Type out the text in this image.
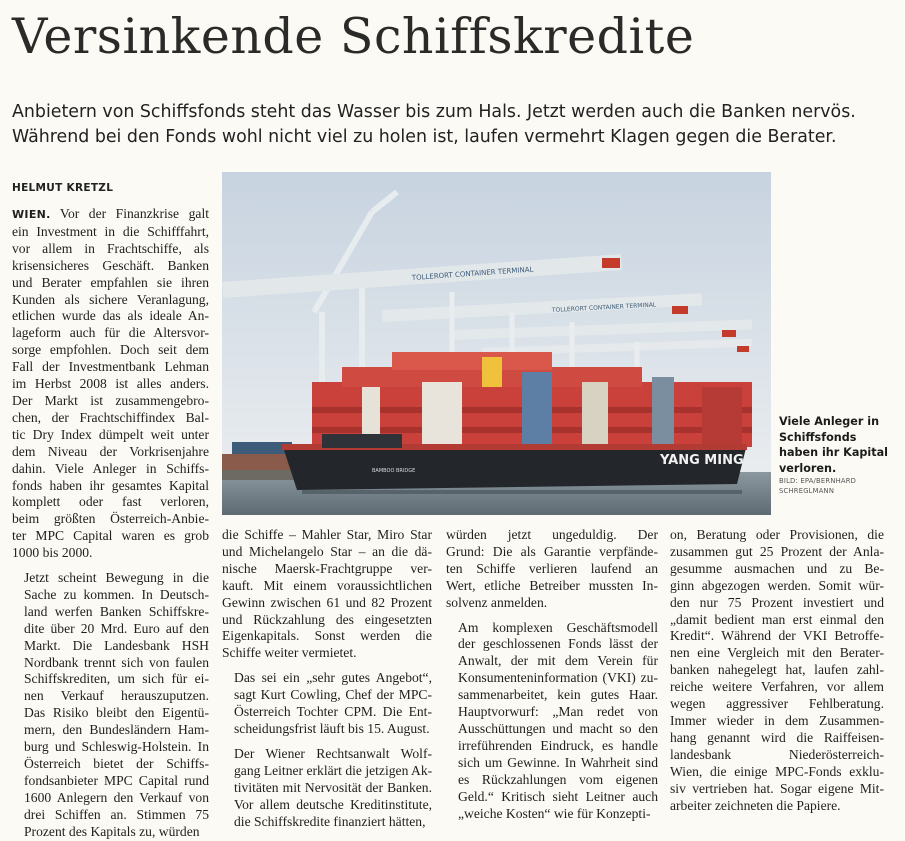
Versinkende Schiffskredite
Anbietern von Schiffsfonds steht das Wasser bis zum Hals. Jetzt werden auch die Banken nervös.
Während bei den Fonds wohl nicht viel zu holen ist, laufen vermehrt Klagen gegen die Berater.
HELMUT KRETZL

WIEN. Vor der Finanzkrise galt
ein Investment in die Schifffahrt,
vor allem in Frachtschiffe, als
krisensicheres Geschäft. Banken
und Berater empfahlen sie ihren
Kunden als sichere Veranlagung,
etlichen wurde das als ideale An-
lageform auch für die Altersvor-
sorge empfohlen. Doch seit dem
Fall der Investmentbank Lehman
im Herbst 2008 ist alles anders.
Der Markt ist zusammengebro-
chen, der Frachtschiffindex Bal-
tic Dry Index dümpelt weit unter
dem Niveau der Vorkrisenjahre
dahin. Viele Anleger in Schiffs-
fonds haben ihr gesamtes Kapital
komplett oder fast verloren,
beim größten Österreich-Anbie-
ter MPC Capital waren es grob
1000 bis 2000.

Jetzt scheint Bewegung in die
Sache zu kommen. In Deutsch-
land werfen Banken Schiffskre-
dite über 20 Mrd. Euro auf den
Markt. Die Landesbank HSH
Nordbank trennt sich von faulen
Schiffskrediten, um sich für ei-
nen Verkauf herauszuputzen.
Das Risiko bleibt den Eigentü-
mern, den Bundesländern Ham-
burg und Schleswig-Holstein. In
Österreich bietet der Schiffs-
fondsanbieter MPC Capital rund
1600 Anlegern den Verkauf von
drei Schiffen an. Stimmen 75
Prozent des Kapitals zu, würden

TOLLERORT CONTAINER TERMINAL
TOLLERORT CONTAINER TERMINAL
YANG MING
BAMBOO BRIDGE
Viele Anleger in Schiffsfonds haben ihr Kapital verloren.
BILD: EPA/BERNHARD SCHREGLMANN

die Schiffe – Mahler Star, Miro Star
und Michelangelo Star – an die dä-
nische Maersk-Frachtgruppe ver-
kauft. Mit einem voraussichtlichen
Gewinn zwischen 61 und 82 Prozent
und Rückzahlung des eingesetzten
Eigenkapitals. Sonst werden die
Schiffe weiter vermietet.

Das sei ein „sehr gutes Angebot“,
sagt Kurt Cowling, Chef der MPC-
Österreich Tochter CPM. Die Ent-
scheidungsfrist läuft bis 15. August.

Der Wiener Rechtsanwalt Wolf-
gang Leitner erklärt die jetzigen Ak-
tivitäten mit Nervosität der Banken.
Vor allem deutsche Kreditinstitute,
die Schiffskredite finanziert hätten,

würden jetzt ungeduldig. Der
Grund: Die als Garantie verpfände-
ten Schiffe verlieren laufend an
Wert, etliche Betreiber mussten In-
solvenz anmelden.

Am komplexen Geschäftsmodell
der geschlossenen Fonds lässt der
Anwalt, der mit dem Verein für
Konsumenteninformation (VKI) zu-
sammenarbeitet, kein gutes Haar.
Hauptvorwurf: „Man redet von
Ausschüttungen und macht so den
irreführenden Eindruck, es handle
sich um Gewinne. In Wahrheit sind
es Rückzahlungen vom eigenen
Geld.“ Kritisch sieht Leitner auch
„weiche Kosten“ wie für Konzepti-

on, Beratung oder Provisionen, die
zusammen gut 25 Prozent der Anla-
gesumme ausmachen und zu Be-
ginn abgezogen werden. Somit wür-
den nur 75 Prozent investiert und
„damit bedient man erst einmal den
Kredit“. Während der VKI Betroffe-
nen eine Vergleich mit den Berater-
banken nahegelegt hat, laufen zahl-
reiche weitere Verfahren, vor allem
wegen aggressiver Fehlberatung.
Immer wieder in dem Zusammen-
hang genannt wird die Raiffeisen-
landesbank Niederösterreich-
Wien, die einige MPC-Fonds exklu-
siv vertrieben hat. Sogar eigene Mit-
arbeiter zeichneten die Papiere.
